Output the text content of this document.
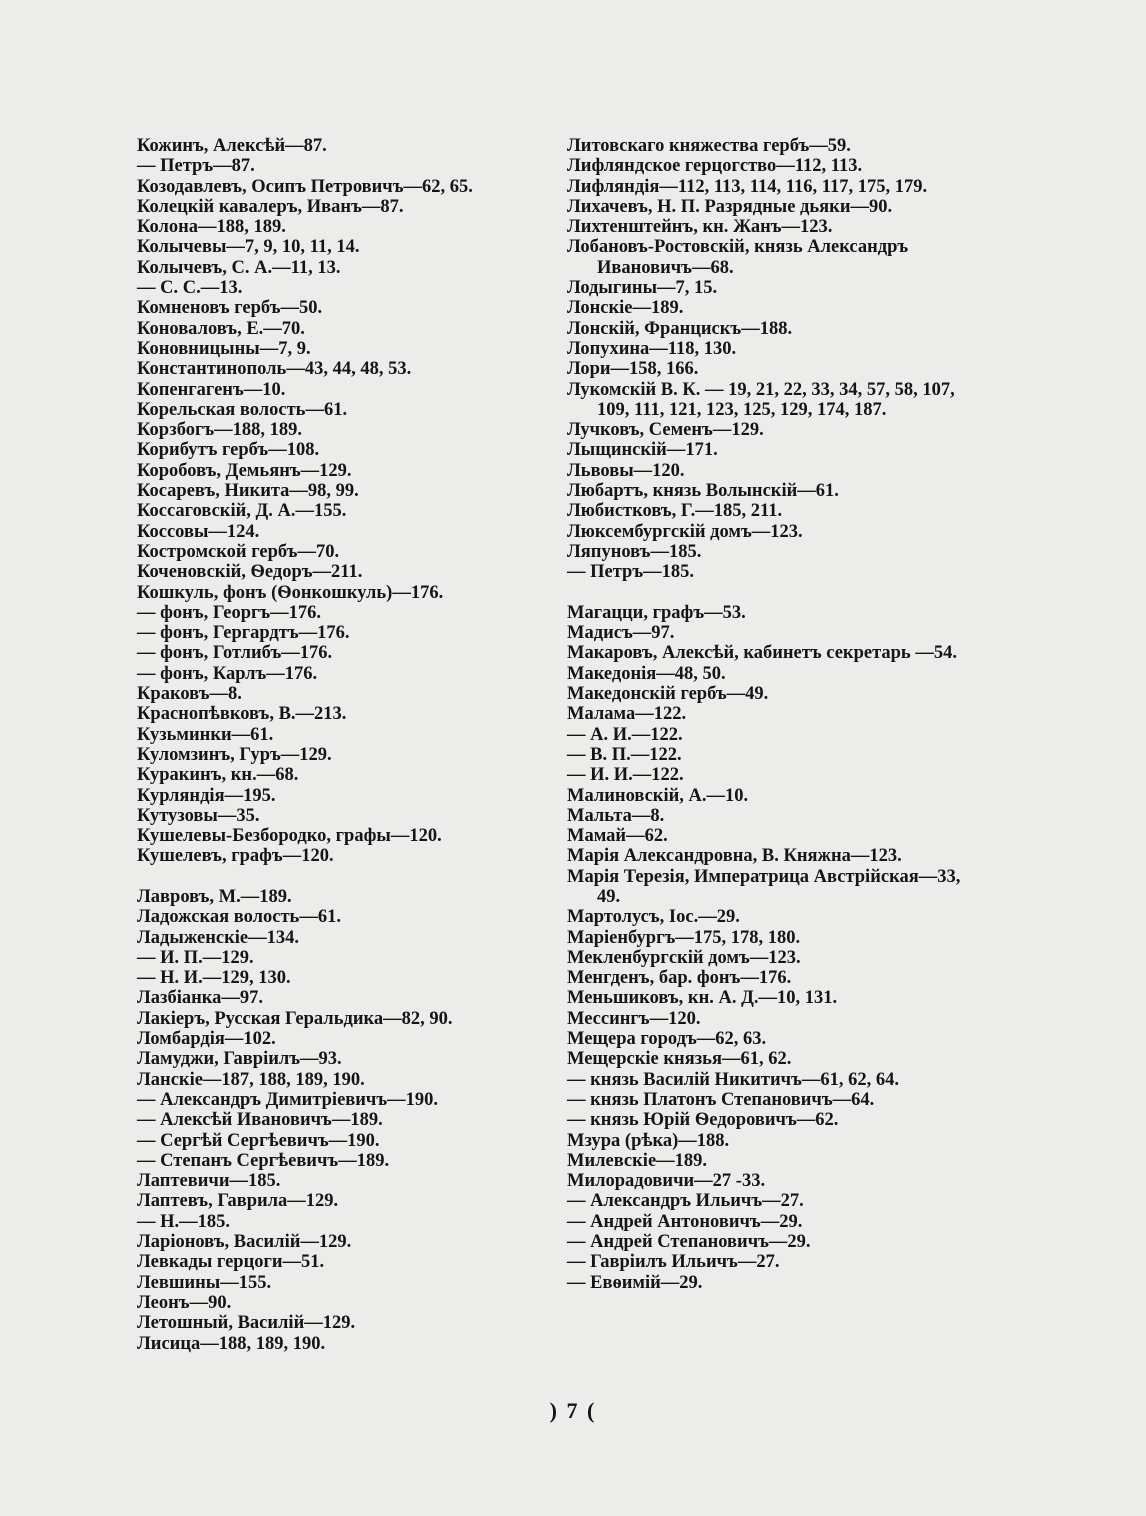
Кожинъ, Алексѣй—87.
— Петръ—87.
Козодавлевъ, Осипъ Петровичъ—62, 65.
Колецкій кавалеръ, Иванъ—87.
Колона—188, 189.
Колычевы—7, 9, 10, 11, 14.
Колычевъ, С. А.—11, 13.
— С. С.—13.
Комненовъ гербъ—50.
Коноваловъ, Е.—70.
Коновницыны—7, 9.
Константинополь—43, 44, 48, 53.
Копенгагенъ—10.
Корельская волость—61.
Корзбогъ—188, 189.
Корибутъ гербъ—108.
Коробовъ, Демьянъ—129.
Косаревъ, Никита—98, 99.
Коссаговскій, Д. А.—155.
Коссовы—124.
Костромской гербъ—70.
Коченовскій, Ѳедоръ—211.
Кошкуль, фонъ (Ѳонкошкуль)—176.
— фонъ, Георгъ—176.
— фонъ, Гергардтъ—176.
— фонъ, Готлибъ—176.
— фонъ, Карлъ—176.
Краковъ—8.
Краснопѣвковъ, В.—213.
Кузьминки—61.
Куломзинъ, Гуръ—129.
Куракинъ, кн.—68.
Курляндія—195.
Кутузовы—35.
Кушелевы-Безбородко, графы—120.
Кушелевъ, графъ—120.
Лавровъ, М.—189.
Ладожская волость—61.
Ладыженскіе—134.
— И. П.—129.
— Н. И.—129, 130.
Лазбіанка—97.
Лакіеръ, Русская Геральдика—82, 90.
Ломбардія—102.
Ламуджи, Гавріилъ—93.
Ланскіе—187, 188, 189, 190.
— Александръ Димитріевичъ—190.
— Алексѣй Ивановичъ—189.
— Сергѣй Сергѣевичъ—190.
— Степанъ Сергѣевичъ—189.
Лаптевичи—185.
Лаптевъ, Гаврила—129.
— Н.—185.
Ларіоновъ, Василій—129.
Левкады герцоги—51.
Левшины—155.
Леонъ—90.
Летошный, Василій—129.
Лисица—188, 189, 190.
Литовскаго княжества гербъ—59.
Лифляндское герцогство—112, 113.
Лифляндія—112, 113, 114, 116, 117, 175, 179.
Лихачевъ, Н. П. Разрядные дьяки—90.
Лихтенштейнъ, кн. Жанъ—123.
Лобановъ-Ростовскій, князь Александръ Ивановичъ—68.
Лодыгины—7, 15.
Лонскіе—189.
Лонскій, Францискъ—188.
Лопухина—118, 130.
Лори—158, 166.
Лукомскій В. К. — 19, 21, 22, 33, 34, 57, 58, 107, 109, 111, 121, 123, 125, 129, 174, 187.
Лучковъ, Семенъ—129.
Лыщинскій—171.
Львовы—120.
Любартъ, князь Волынскій—61.
Любистковъ, Г.—185, 211.
Люксембургскій домъ—123.
Ляпуновъ—185.
— Петръ—185.
Магацци, графъ—53.
Мадисъ—97.
Макаровъ, Алексѣй, кабинетъ секретарь —54.
Македонія—48, 50.
Македонскій гербъ—49.
Малама—122.
— А. И.—122.
— В. П.—122.
— И. И.—122.
Малиновскій, А.—10.
Мальта—8.
Мамай—62.
Марія Александровна, В. Княжна—123.
Марія Терезія, Императрица Австрійская—33, 49.
Мартолусъ, Іос.—29.
Маріенбургъ—175, 178, 180.
Мекленбургскій домъ—123.
Менгденъ, бар. фонъ—176.
Меньшиковъ, кн. А. Д.—10, 131.
Мессингъ—120.
Мещера городъ—62, 63.
Мещерскіе князья—61, 62.
— князь Василій Никитичъ—61, 62, 64.
— князь Платонъ Степановичъ—64.
— князь Юрій Ѳедоровичъ—62.
Мзура (рѣка)—188.
Милевскіе—189.
Милорадовичи—27 -33.
— Александръ Ильичъ—27.
— Андрей Антоновичъ—29.
— Андрей Степановичъ—29.
— Гавріилъ Ильичъ—27.
— Евѳимій—29.
) 7 (
